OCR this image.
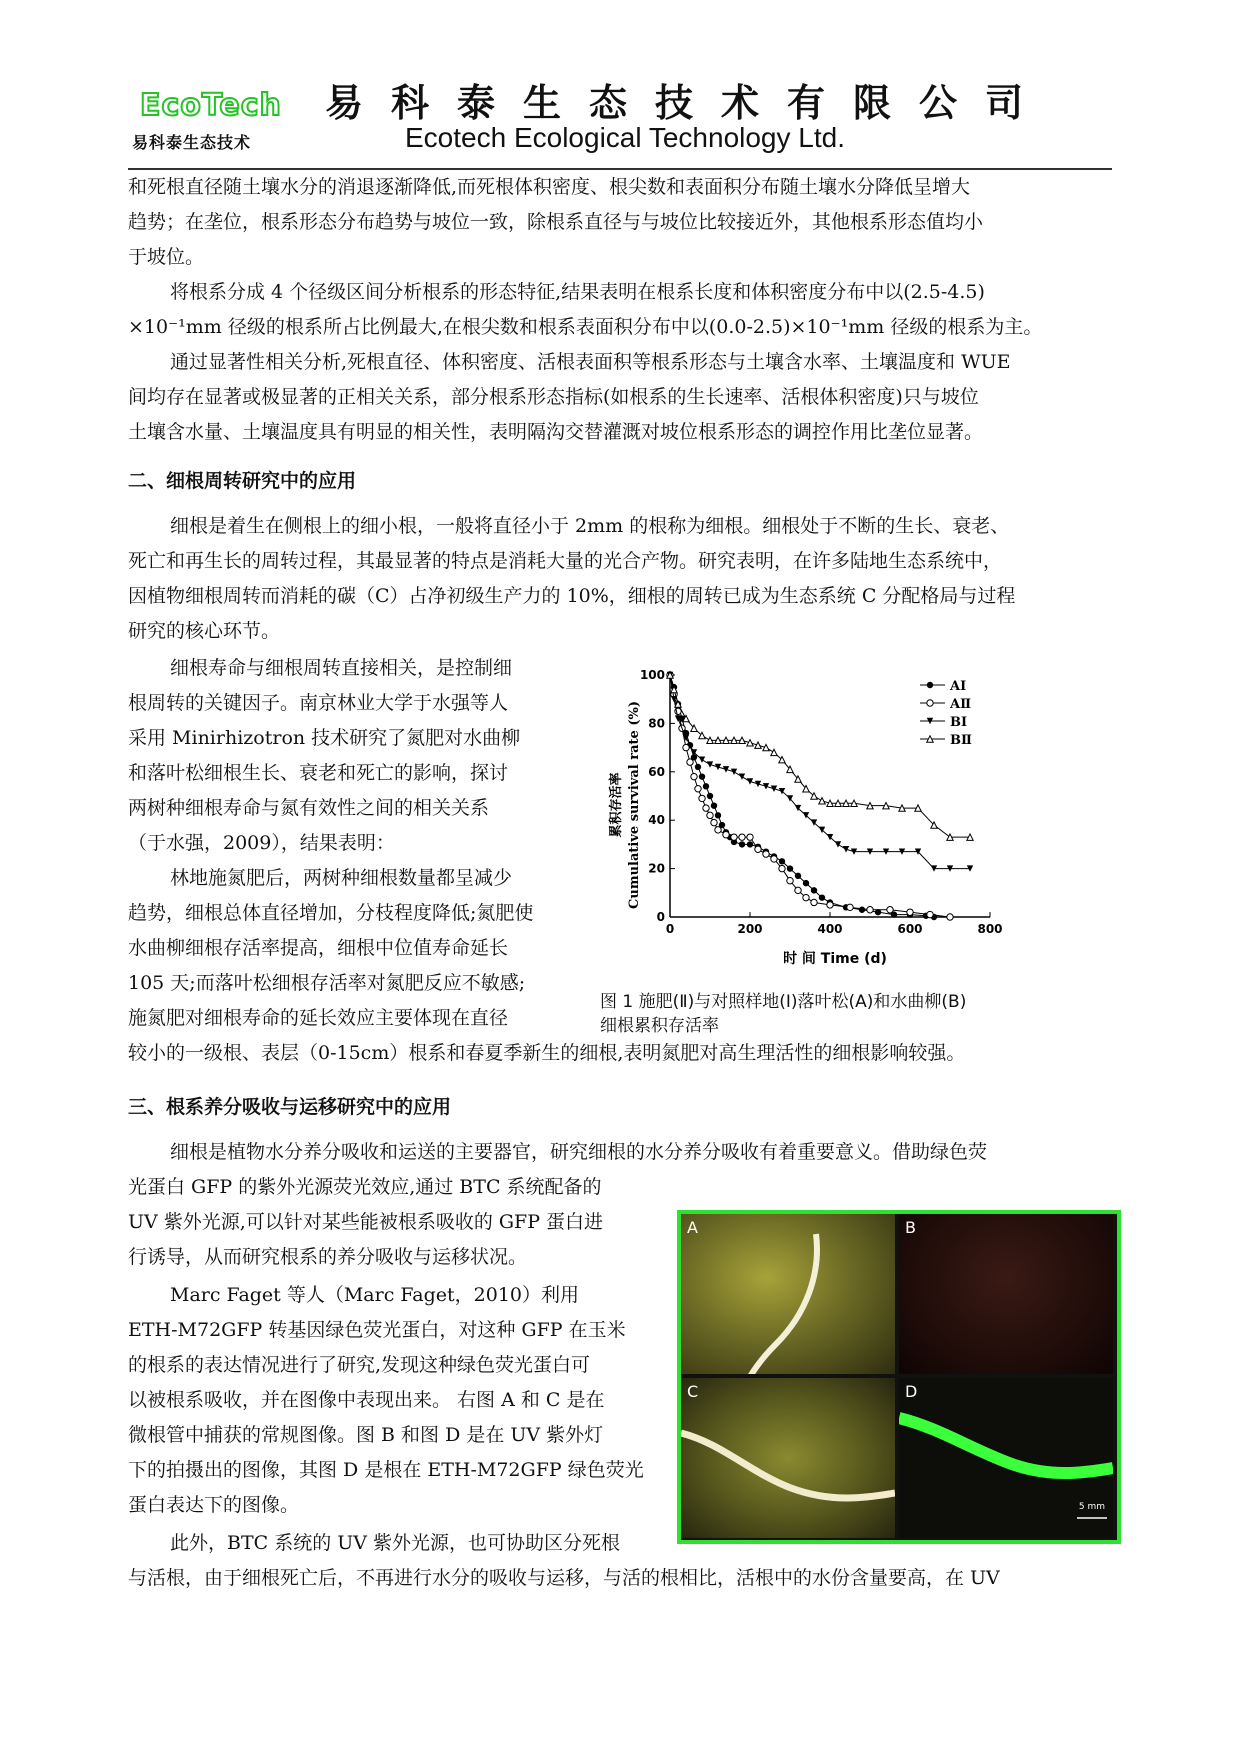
EcoTech
易科泰生态技术
易科泰生态技术有限公司
Ecotech Ecological Technology Ltd.
和死根直径随土壤水分的消退逐渐降低,而死根体积密度、根尖数和表面积分布随土壤水分降低呈增大
趋势；在垄位，根系形态分布趋势与坡位一致，除根系直径与与坡位比较接近外，其他根系形态值均小
于坡位。
将根系分成 4 个径级区间分析根系的形态特征,结果表明在根系长度和体积密度分布中以(2.5-4.5)
×10⁻¹mm 径级的根系所占比例最大,在根尖数和根系表面积分布中以(0.0-2.5)×10⁻¹mm 径级的根系为主。
通过显著性相关分析,死根直径、体积密度、活根表面积等根系形态与土壤含水率、土壤温度和 WUE
间均存在显著或极显著的正相关关系，部分根系形态指标(如根系的生长速率、活根体积密度)只与坡位
土壤含水量、土壤温度具有明显的相关性，表明隔沟交替灌溉对坡位根系形态的调控作用比垄位显著。
二、细根周转研究中的应用
细根是着生在侧根上的细小根，一般将直径小于 2mm 的根称为细根。细根处于不断的生长、衰老、
死亡和再生长的周转过程，其最显著的特点是消耗大量的光合产物。研究表明，在许多陆地生态系统中，
因植物细根周转而消耗的碳（C）占净初级生产力的 10%，细根的周转已成为生态系统 C 分配格局与过程
研究的核心环节。
细根寿命与细根周转直接相关，是控制细
根周转的关键因子。南京林业大学于水强等人
采用 Minirhizotron 技术研究了氮肥对水曲柳
和落叶松细根生长、衰老和死亡的影响，探讨
两树种细根寿命与氮有效性之间的相关关系
（于水强，2009），结果表明：
林地施氮肥后，两树种细根数量都呈减少
趋势，细根总体直径增加，分枝程度降低;氮肥使
水曲柳细根存活率提高，细根中位值寿命延长
105 天;而落叶松细根存活率对氮肥反应不敏感;
施氮肥对细根寿命的延长效应主要体现在直径
较小的一级根、表层（0-15cm）根系和春夏季新生的细根,表明氮肥对高生理活性的细根影响较强。
0	200	400	600	800
0
20
40
60
80
100
AⅠ
AⅡ
BⅠ
BⅡ
累积存活率 Cumulative survival rate (%)
时 间 Time (d)
图 1 施肥(Ⅱ)与对照样地(Ⅰ)落叶松(A)和水曲柳(B)
细根累积存活率
三、根系养分吸收与运移研究中的应用
细根是植物水分养分吸收和运送的主要器官，研究细根的水分养分吸收有着重要意义。借助绿色荧
光蛋白 GFP 的紫外光源荧光效应,通过 BTC 系统配备的
UV 紫外光源,可以针对某些能被根系吸收的 GFP 蛋白进
行诱导，从而研究根系的养分吸收与运移状况。
Marc Faget 等人（Marc Faget，2010）利用
ETH-M72GFP 转基因绿色荧光蛋白，对这种 GFP 在玉米
的根系的表达情况进行了研究,发现这种绿色荧光蛋白可
以被根系吸收，并在图像中表现出来。 右图 A 和 C 是在
微根管中捕获的常规图像。图 B 和图 D 是在 UV 紫外灯
下的拍摄出的图像，其图 D 是根在 ETH-M72GFP 绿色荧光
蛋白表达下的图像。
此外，BTC 系统的 UV 紫外光源，也可协助区分死根
与活根，由于细根死亡后，不再进行水分的吸收与运移，与活的根相比，活根中的水份含量要高，在 UV
A	B
C	D
5 mm
